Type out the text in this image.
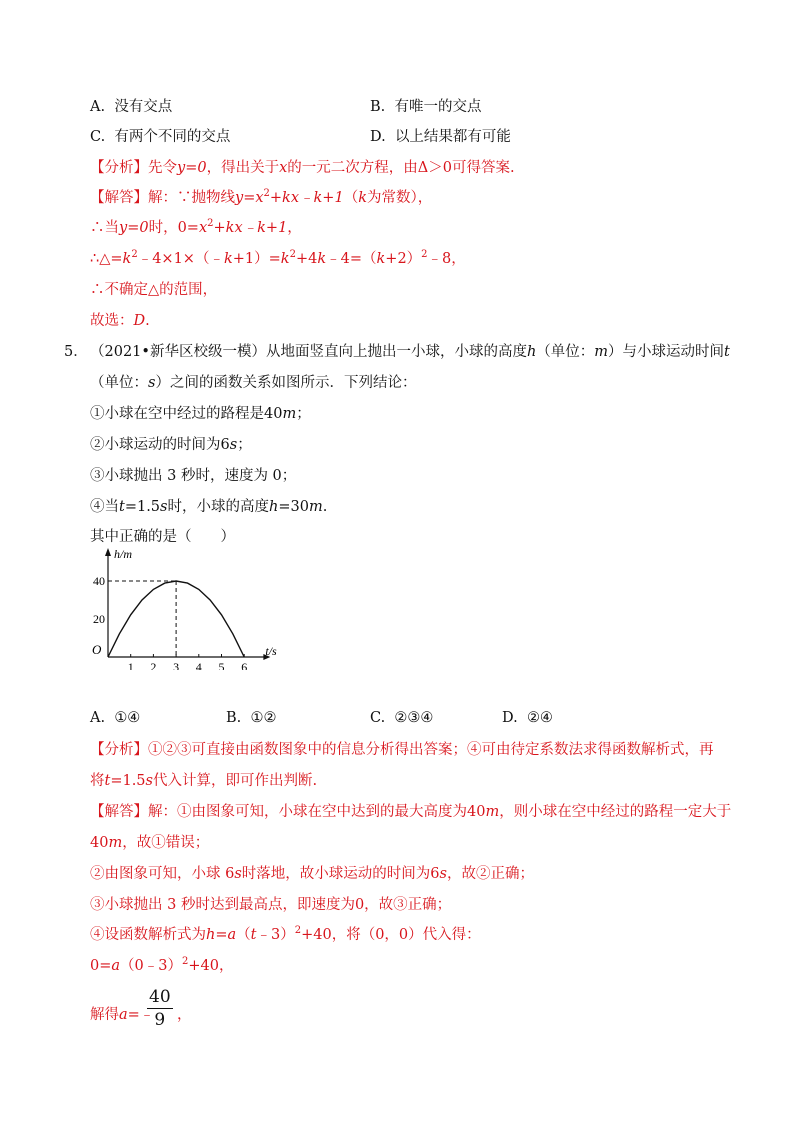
A. 没有交点	B. 有唯一的交点
C. 有两个不同的交点	D. 以上结果都有可能
【分析】先令y=0，得出关于x的一元二次方程，由Δ＞0可得答案.
【解答】解：∵抛物线$y=x^2+kx﹣k+1(k$为常数），
∴当y=0时，$0=x^2+kx﹣k+1$，
$\therefore\triangle=k^2﹣4\times 1\times(﹣k+1)=k^2+4k﹣4=(k+2)^2﹣8$，
∴不确定△的范围，
故选：D.
5． （2021•新华区校级一模）从地面竖直向上抛出一小球，小球的高度h（单位：m）与小球运动时间t
（单位：s）之间的函数关系如图所示．下列结论：
①小球在空中经过的路程是40m；
②小球运动的时间为6s；
③小球抛出 3 秒时，速度为 0；
④当t=1.5s时，小球的高度h=30m.
其中正确的是（　　）
t/s
h/m
O
1 2 3 4 5 6
20
40
A. ①④	B. ①②	C. ②③④	D. ②④
【分析】①②③可直接由函数图象中的信息分析得出答案；④可由待定系数法求得函数解析式，再
将t=1.5s代入计算，即可作出判断.
【解答】解：①由图象可知，小球在空中达到的最大高度为40m，则小球在空中经过的路程一定大于
40m，故①错误；
②由图象可知，小球 6s时落地，故小球运动的时间为6s，故②正确；
③小球抛出 3 秒时达到最高点，即速度为0，故③正确；
④设函数解析式为h=a（t﹣3）$^2$+40，将（0，0）代入得：
0=a（0﹣3）$^2$+40，
解得a=﹣
$\frac{40}{9}$ ，
